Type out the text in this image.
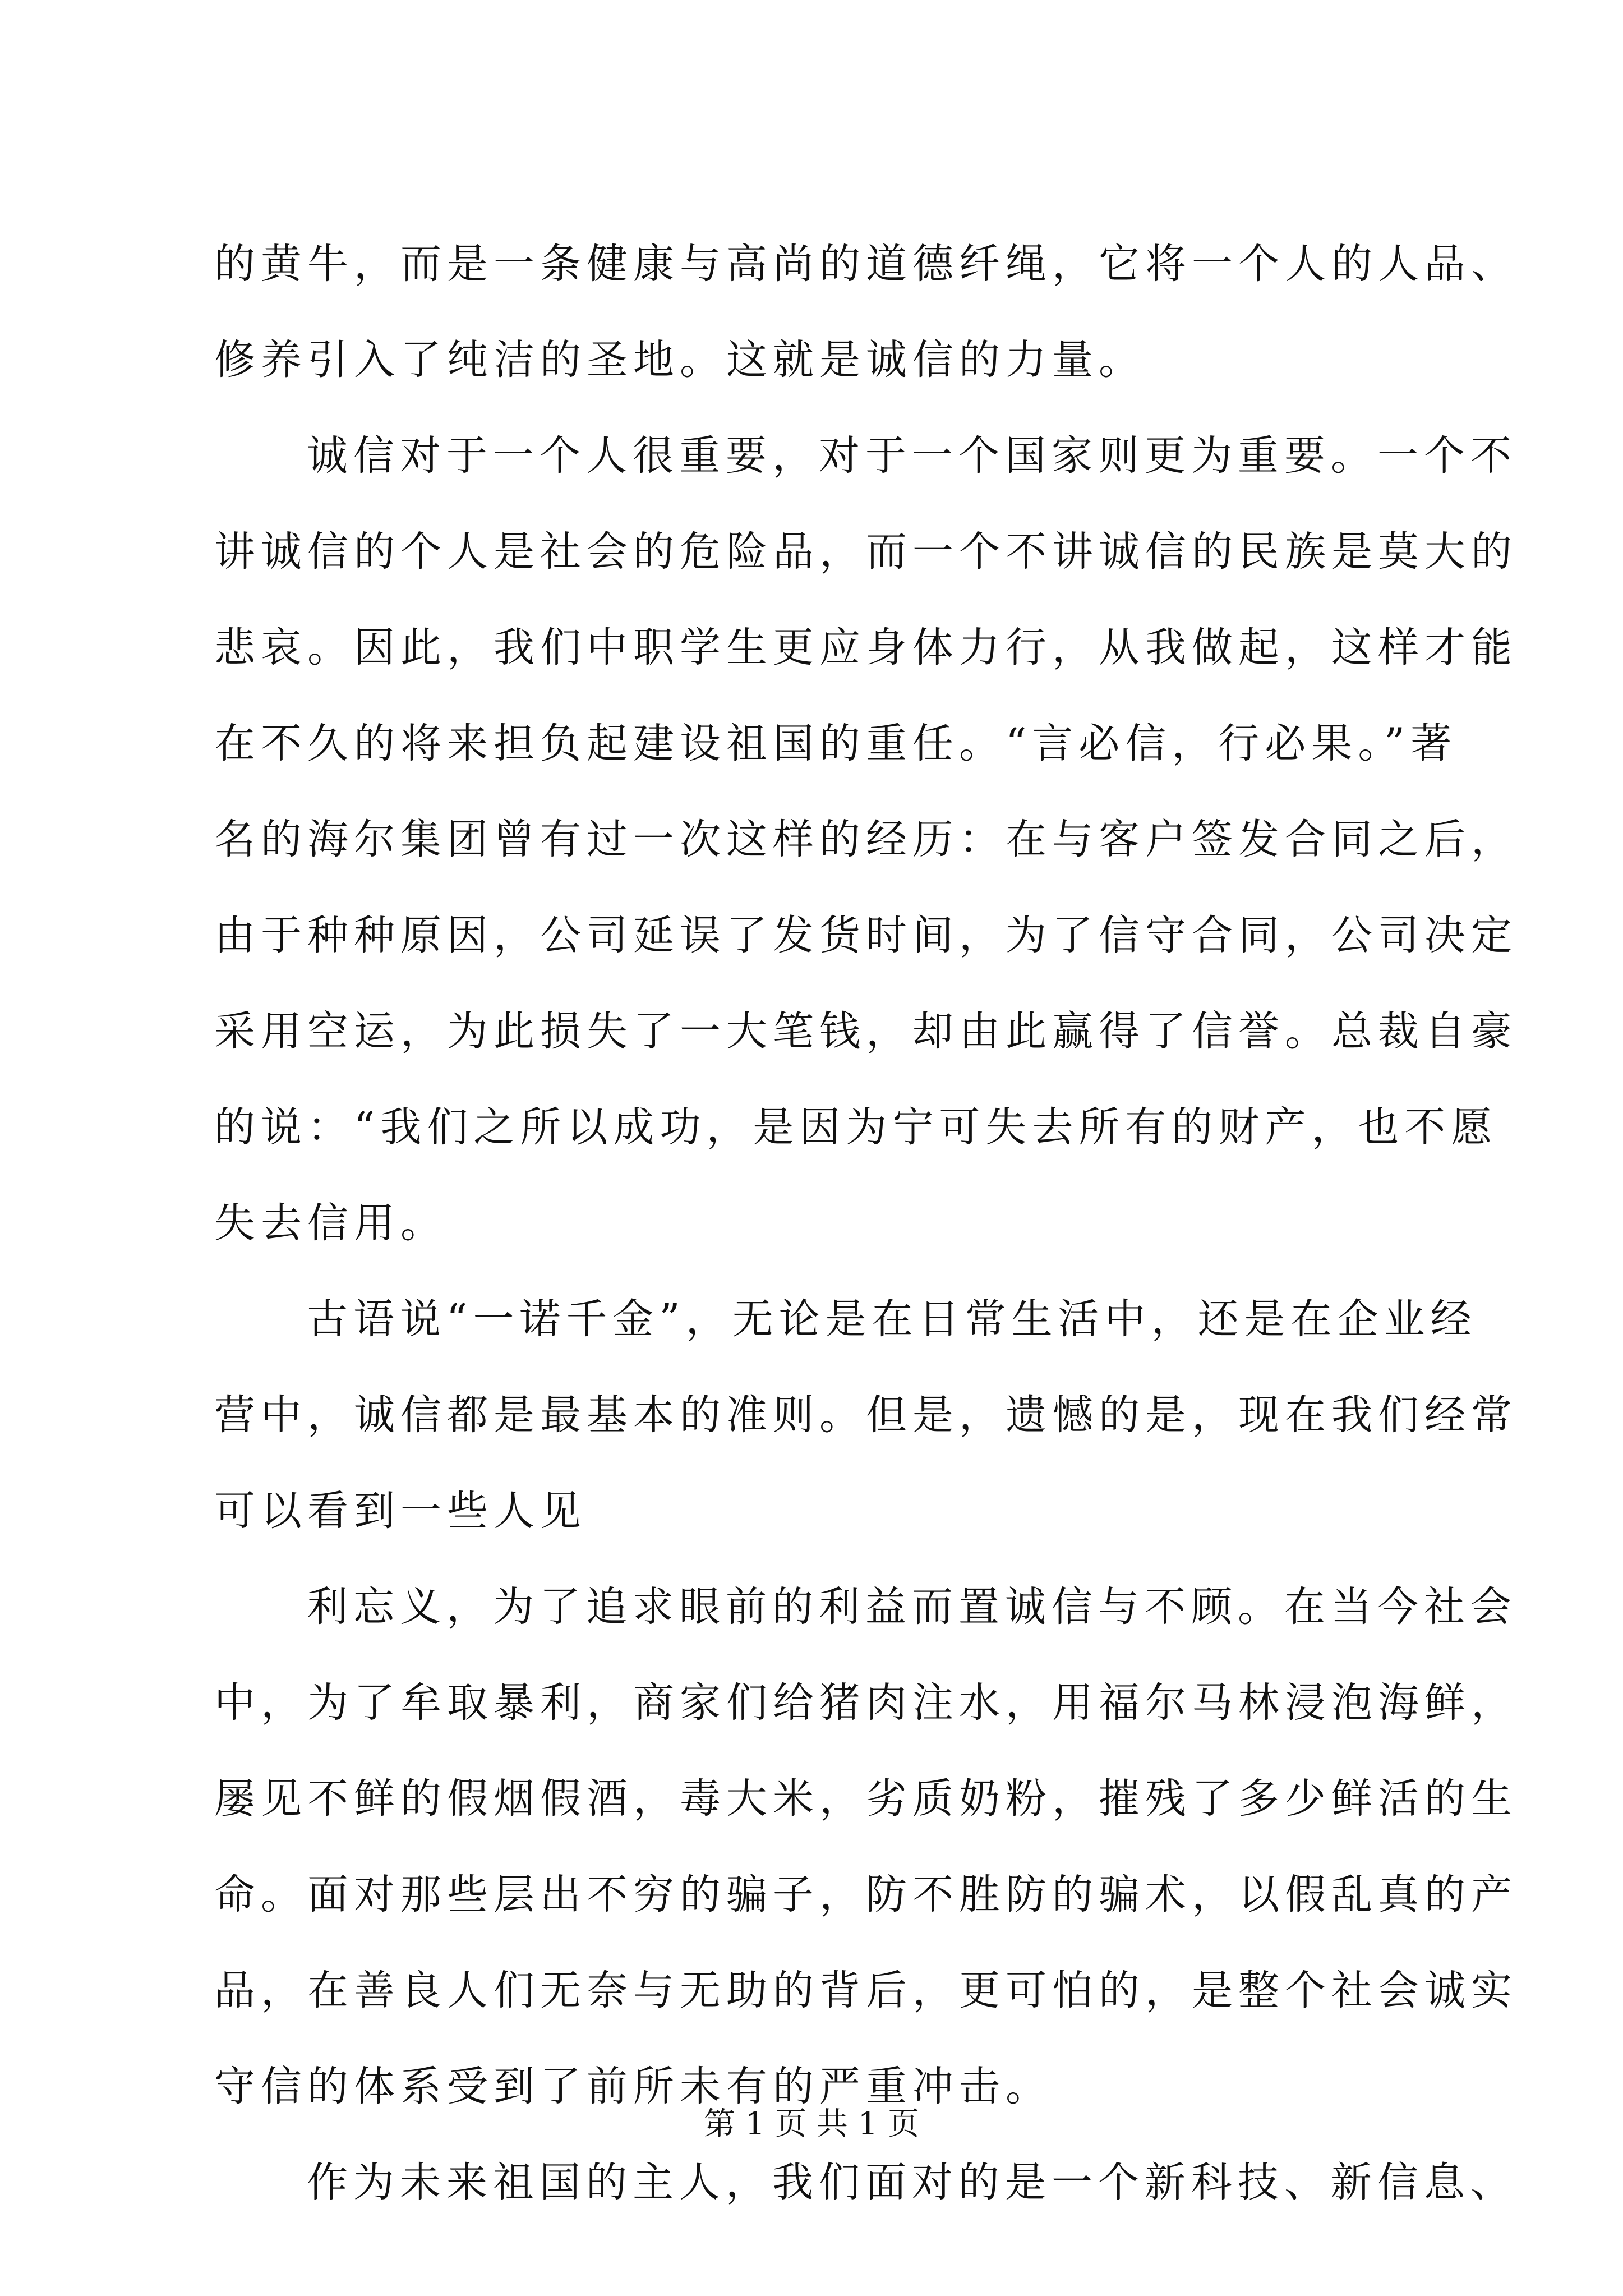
的黄牛，而是一条健康与高尚的道德纤绳，它将一个人的人品、
修养引入了纯洁的圣地。这就是诚信的力量。
诚信对于一个人很重要，对于一个国家则更为重要。一个不
讲诚信的个人是社会的危险品，而一个不讲诚信的民族是莫大的
悲哀。因此，我们中职学生更应身体力行，从我做起，这样才能
在不久的将来担负起建设祖国的重任。“言必信，行必果。”著
名的海尔集团曾有过一次这样的经历：在与客户签发合同之后，
由于种种原因，公司延误了发货时间，为了信守合同，公司决定
采用空运，为此损失了一大笔钱，却由此赢得了信誉。总裁自豪
的说：“我们之所以成功，是因为宁可失去所有的财产，也不愿
失去信用。
古语说“一诺千金”，无论是在日常生活中，还是在企业经
营中，诚信都是最基本的准则。但是，遗憾的是，现在我们经常
可以看到一些人见
利忘义，为了追求眼前的利益而置诚信与不顾。在当今社会
中，为了牟取暴利，商家们给猪肉注水，用福尔马林浸泡海鲜，
屡见不鲜的假烟假酒，毒大米，劣质奶粉，摧残了多少鲜活的生
命。面对那些层出不穷的骗子，防不胜防的骗术，以假乱真的产
品，在善良人们无奈与无助的背后，更可怕的，是整个社会诚实
守信的体系受到了前所未有的严重冲击。
作为未来祖国的主人，我们面对的是一个新科技、新信息、
第 1 页 共 1 页
